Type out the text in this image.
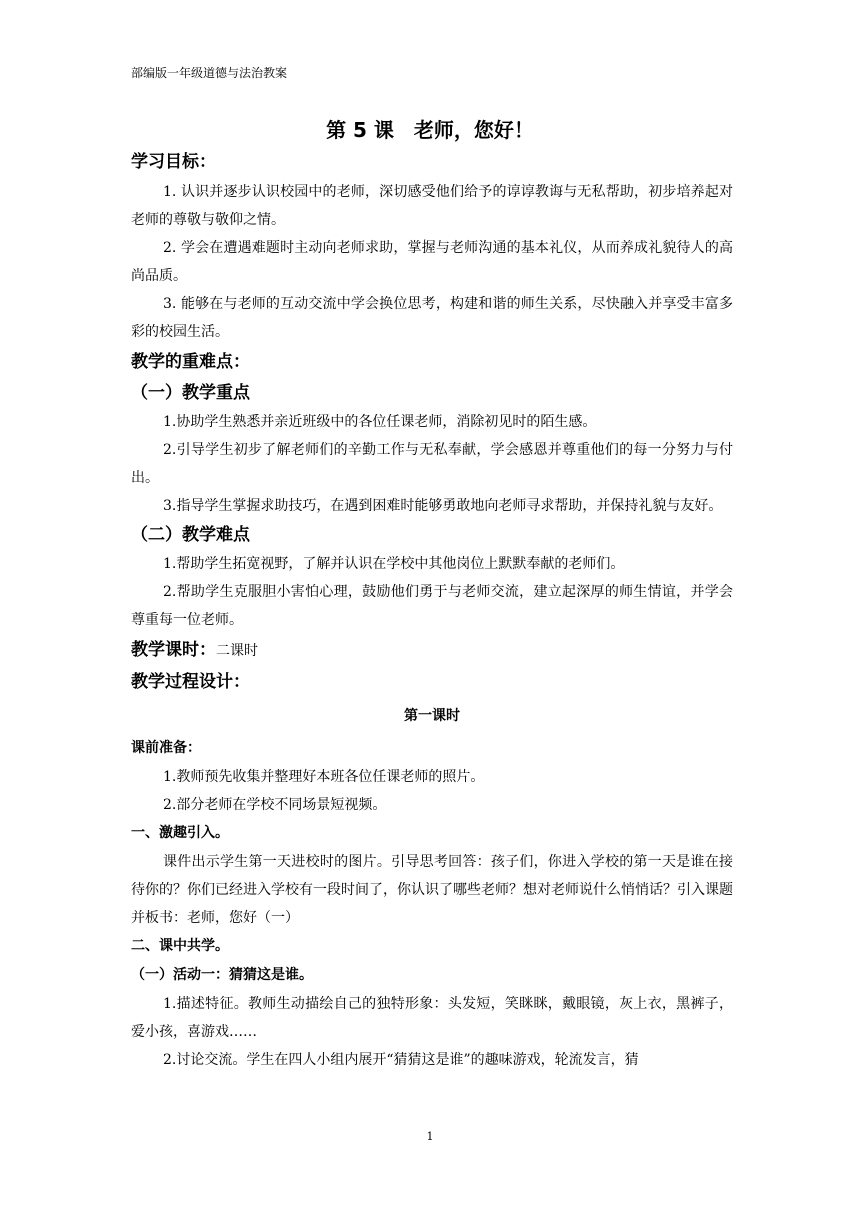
部编版一年级道德与法治教案
第 5 课　老师，您好！
学习目标：
1. 认识并逐步认识校园中的老师，深切感受他们给予的谆谆教诲与无私帮助，初步培养起对老师的尊敬与敬仰之情。
2. 学会在遭遇难题时主动向老师求助，掌握与老师沟通的基本礼仪，从而养成礼貌待人的高尚品质。
3. 能够在与老师的互动交流中学会换位思考，构建和谐的师生关系，尽快融入并享受丰富多彩的校园生活。
教学的重难点：
（一）教学重点
1.协助学生熟悉并亲近班级中的各位任课老师，消除初见时的陌生感。
2.引导学生初步了解老师们的辛勤工作与无私奉献，学会感恩并尊重他们的每一分努力与付出。
3.指导学生掌握求助技巧，在遇到困难时能够勇敢地向老师寻求帮助，并保持礼貌与友好。
（二）教学难点
1.帮助学生拓宽视野，了解并认识在学校中其他岗位上默默奉献的老师们。
2.帮助学生克服胆小害怕心理，鼓励他们勇于与老师交流，建立起深厚的师生情谊，并学会尊重每一位老师。
教学课时：二课时
教学过程设计：
第一课时
课前准备：
1.教师预先收集并整理好本班各位任课老师的照片。
2.部分老师在学校不同场景短视频。
一、激趣引入。
课件出示学生第一天进校时的图片。引导思考回答：孩子们，你进入学校的第一天是谁在接待你的？你们已经进入学校有一段时间了，你认识了哪些老师？想对老师说什么悄悄话？引入课题并板书：老师，您好（一）
二、课中共学。
（一）活动一：猜猜这是谁。
1.描述特征。教师生动描绘自己的独特形象：头发短，笑眯眯，戴眼镜，灰上衣，黑裤子，爱小孩，喜游戏……
2.讨论交流。学生在四人小组内展开“猜猜这是谁”的趣味游戏，轮流发言，猜
1
